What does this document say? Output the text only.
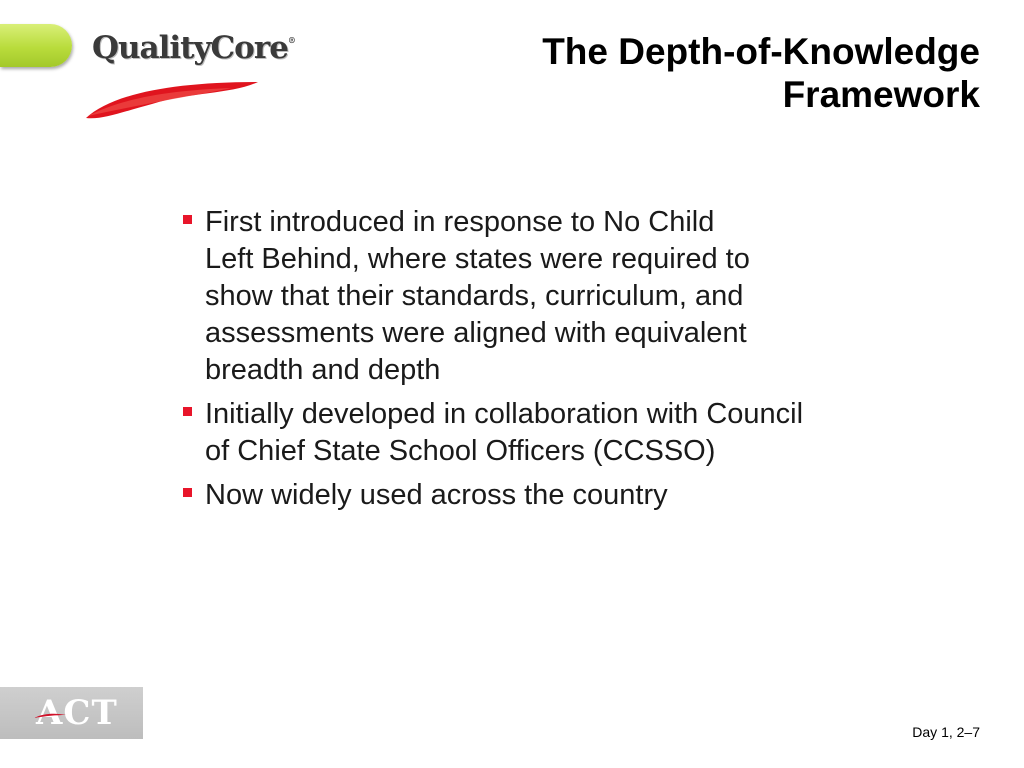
QualityCore®	The Depth-of-Knowledge
Framework
First introduced in response to No Child
Left Behind, where states were required to
show that their standards, curriculum, and
assessments were aligned with equivalent
breadth and depth
Initially developed in collaboration with Council
of Chief State School Officers (CCSSO)
Now widely used across the country
ACT	Day 1, 2–7
